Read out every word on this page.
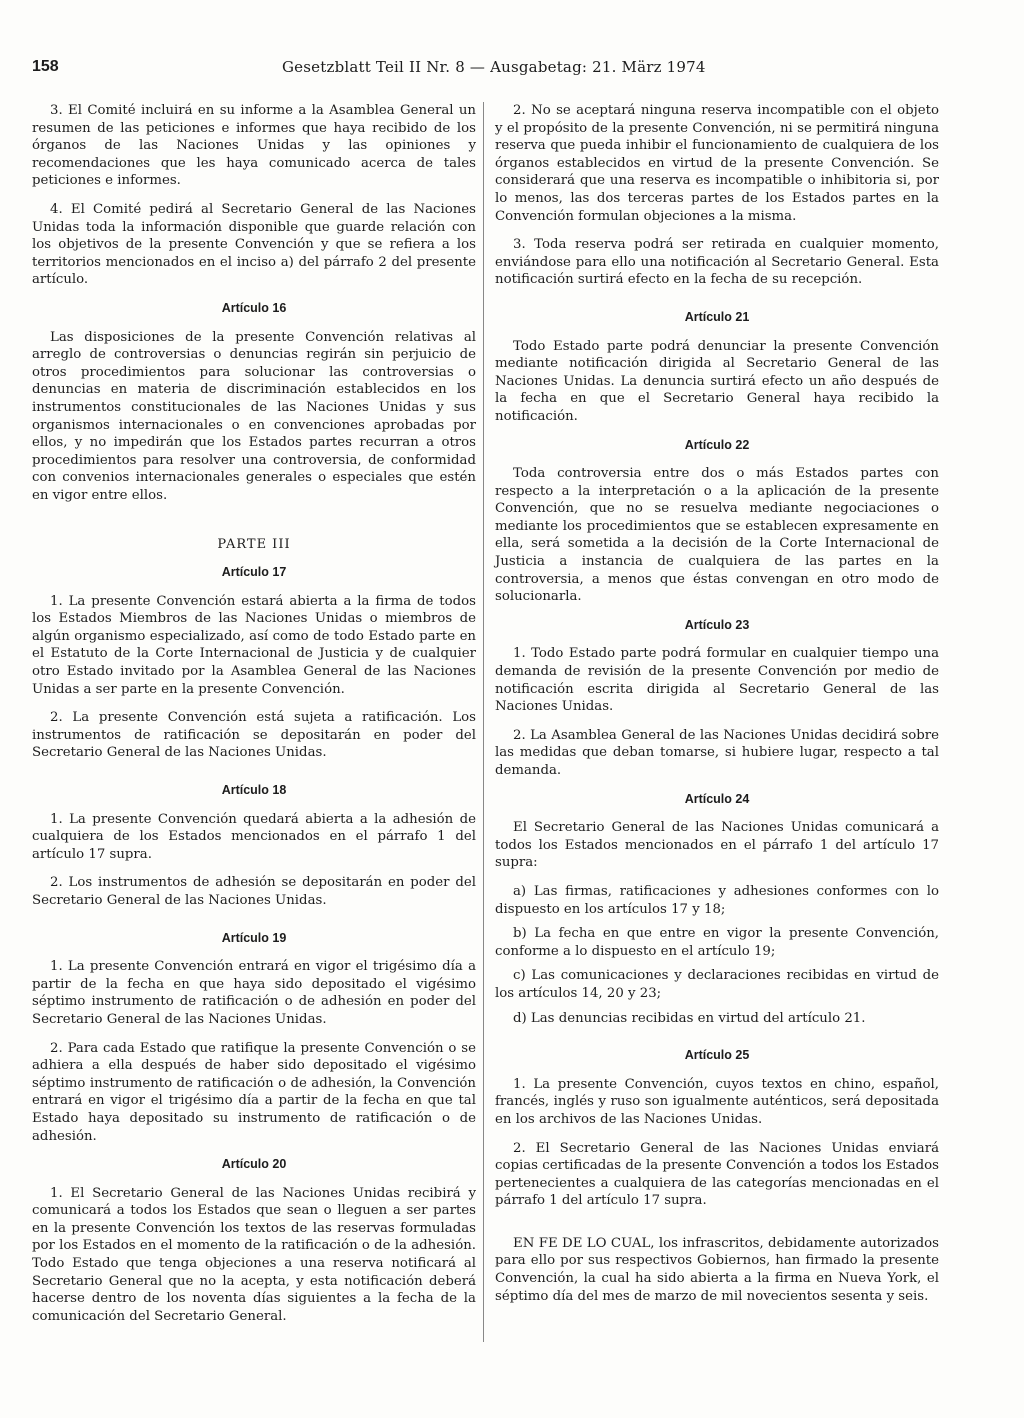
158	Gesetzblatt Teil II Nr. 8 — Ausgabetag: 21. März 1974

3. El Comité incluirá en su informe a la Asamblea General un resumen de las peticiones e informes que haya recibido de los órganos de las Naciones Unidas y las opiniones y recomendaciones que les haya comunicado acerca de tales peticiones e informes.

4. El Comité pedirá al Secretario General de las Naciones Unidas toda la información disponible que guarde relación con los objetivos de la presente Convención y que se refiera a los territorios mencionados en el inciso a) del párrafo 2 del presente artículo.

Artículo 16

Las disposiciones de la presente Convención relativas al arreglo de controversias o denuncias regirán sin perjuicio de otros procedimientos para solucionar las controversias o denuncias en materia de discriminación establecidos en los instrumentos constitucionales de las Naciones Unidas y sus organismos internacionales o en convenciones aprobadas por ellos, y no impedirán que los Estados partes recurran a otros procedimientos para resolver una controversia, de conformidad con convenios internacionales generales o especiales que estén en vigor entre ellos.

PARTE III
Artículo 17

1. La presente Convención estará abierta a la firma de todos los Estados Miembros de las Naciones Unidas o miembros de algún organismo especializado, así como de todo Estado parte en el Estatuto de la Corte Internacional de Justicia y de cualquier otro Estado invitado por la Asamblea General de las Naciones Unidas a ser parte en la presente Convención.

2. La presente Convención está sujeta a ratificación. Los instrumentos de ratificación se depositarán en poder del Secretario General de las Naciones Unidas.

Artículo 18

1. La presente Convención quedará abierta a la adhesión de cualquiera de los Estados mencionados en el párrafo 1 del artículo 17 supra.

2. Los instrumentos de adhesión se depositarán en poder del Secretario General de las Naciones Unidas.

Artículo 19

1. La presente Convención entrará en vigor el trigésimo día a partir de la fecha en que haya sido depositado el vigésimo séptimo instrumento de ratificación o de adhesión en poder del Secretario General de las Naciones Unidas.

2. Para cada Estado que ratifique la presente Convención o se adhiera a ella después de haber sido depositado el vigésimo séptimo instrumento de ratificación o de adhesión, la Convención entrará en vigor el trigésimo día a partir de la fecha en que tal Estado haya depositado su instrumento de ratificación o de adhesión.

Artículo 20

1. El Secretario General de las Naciones Unidas recibirá y comunicará a todos los Estados que sean o lleguen a ser partes en la presente Convención los textos de las reservas formuladas por los Estados en el momento de la ratificación o de la adhesión. Todo Estado que tenga objeciones a una reserva notificará al Secretario General que no la acepta, y esta notificación deberá hacerse dentro de los noventa días siguientes a la fecha de la comunicación del Secretario General.

2. No se aceptará ninguna reserva incompatible con el objeto y el propósito de la presente Convención, ni se permitirá ninguna reserva que pueda inhibir el funcionamiento de cualquiera de los órganos establecidos en virtud de la presente Convención. Se considerará que una reserva es incompatible o inhibitoria si, por lo menos, las dos terceras partes de los Estados partes en la Convención formulan objeciones a la misma.

3. Toda reserva podrá ser retirada en cualquier momento, enviándose para ello una notificación al Secretario General. Esta notificación surtirá efecto en la fecha de su recepción.

Artículo 21

Todo Estado parte podrá denunciar la presente Convención mediante notificación dirigida al Secretario General de las Naciones Unidas. La denuncia surtirá efecto un año después de la fecha en que el Secretario General haya recibido la notificación.

Artículo 22

Toda controversia entre dos o más Estados partes con respecto a la interpretación o a la aplicación de la presente Convención, que no se resuelva mediante negociaciones o mediante los procedimientos que se establecen expresamente en ella, será sometida a la decisión de la Corte Internacional de Justicia a instancia de cualquiera de las partes en la controversia, a menos que éstas convengan en otro modo de solucionarla.

Artículo 23

1. Todo Estado parte podrá formular en cualquier tiempo una demanda de revisión de la presente Convención por medio de notificación escrita dirigida al Secretario General de las Naciones Unidas.

2. La Asamblea General de las Naciones Unidas decidirá sobre las medidas que deban tomarse, si hubiere lugar, respecto a tal demanda.

Artículo 24

El Secretario General de las Naciones Unidas comunicará a todos los Estados mencionados en el párrafo 1 del artículo 17 supra:

a) Las firmas, ratificaciones y adhesiones conformes con lo dispuesto en los artículos 17 y 18;

b) La fecha en que entre en vigor la presente Convención, conforme a lo dispuesto en el artículo 19;

c) Las comunicaciones y declaraciones recibidas en virtud de los artículos 14, 20 y 23;

d) Las denuncias recibidas en virtud del artículo 21.

Artículo 25

1. La presente Convención, cuyos textos en chino, español, francés, inglés y ruso son igualmente auténticos, será depositada en los archivos de las Naciones Unidas.

2. El Secretario General de las Naciones Unidas enviará copias certificadas de la presente Convención a todos los Estados pertenecientes a cualquiera de las categorías mencionadas en el párrafo 1 del artículo 17 supra.

EN FE DE LO CUAL, los infrascritos, debidamente autorizados para ello por sus respectivos Gobiernos, han firmado la presente Convención, la cual ha sido abierta a la firma en Nueva York, el séptimo día del mes de marzo de mil novecientos sesenta y seis.
